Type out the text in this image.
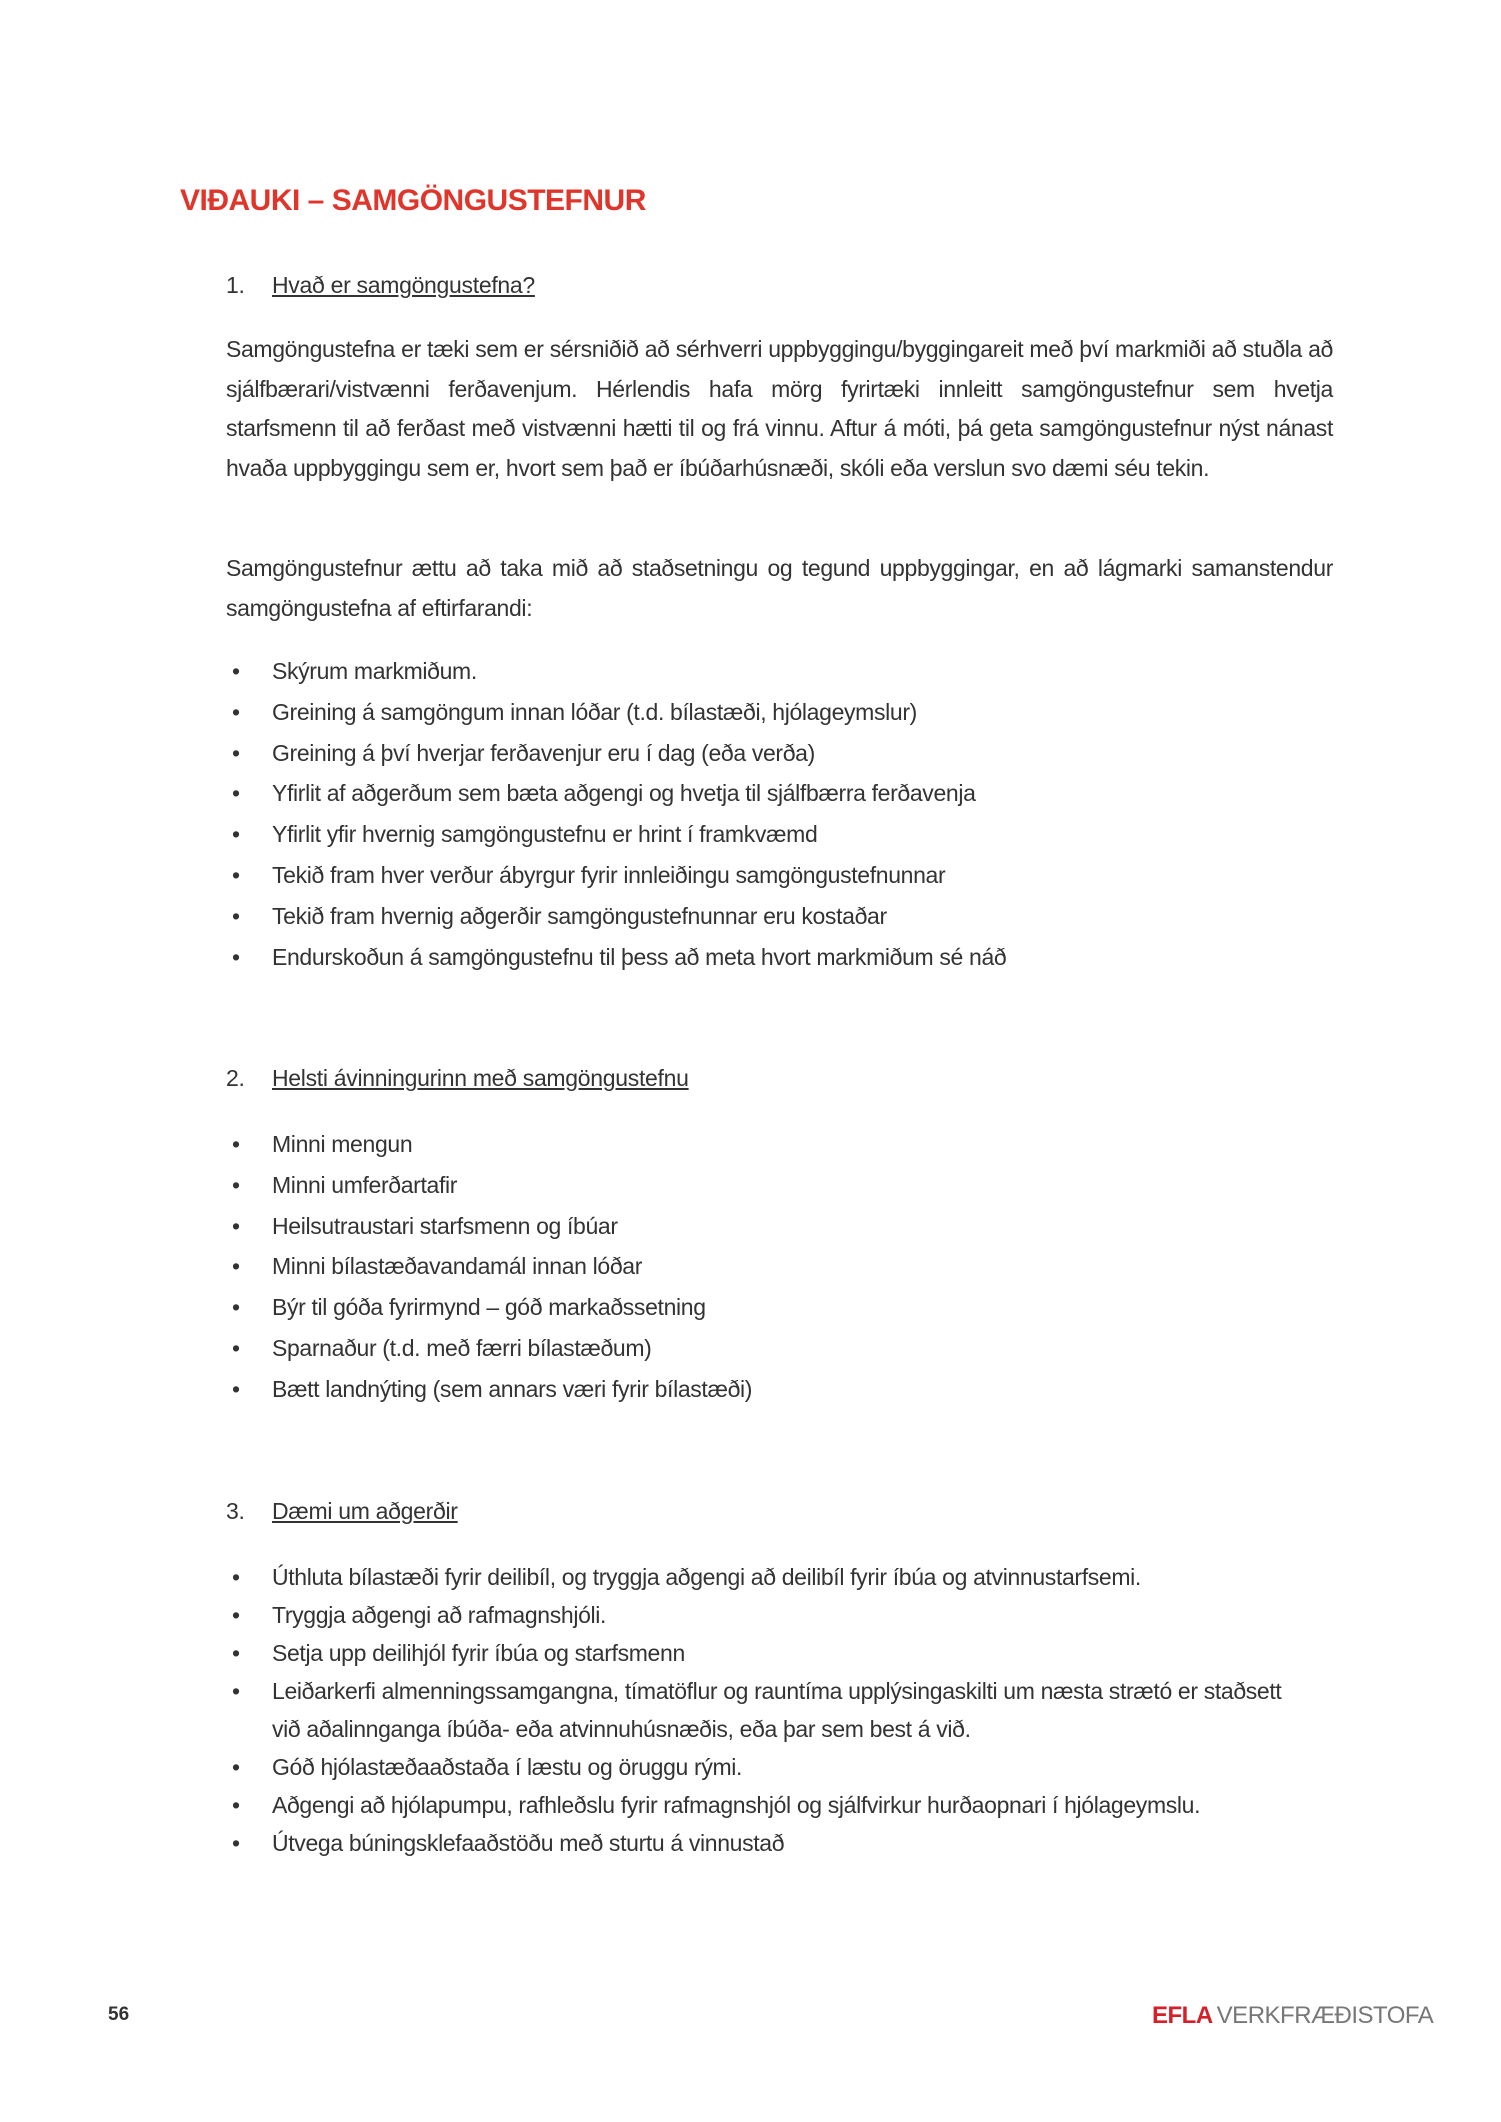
VIÐAUKI – SAMGÖNGUSTEFNUR
1. Hvað er samgöngustefna?
Samgöngustefna er tæki sem er sérsniðið að sérhverri uppbyggingu/byggingareit með því markmiði að stuðla að sjálfbærari/vistvænni ferðavenjum. Hérlendis hafa mörg fyrirtæki innleitt samgöngustefnur sem hvetja starfsmenn til að ferðast með vistvænni hætti til og frá vinnu. Aftur á móti, þá geta samgöngustefnur nýst nánast hvaða uppbyggingu sem er, hvort sem það er íbúðarhúsnæði, skóli eða verslun svo dæmi séu tekin.
Samgöngustefnur ættu að taka mið að staðsetningu og tegund uppbyggingar, en að lágmarki samanstendur samgöngustefna af eftirfarandi:
• Skýrum markmiðum.
• Greining á samgöngum innan lóðar (t.d. bílastæði, hjólageymslur)
• Greining á því hverjar ferðavenjur eru í dag (eða verða)
• Yfirlit af aðgerðum sem bæta aðgengi og hvetja til sjálfbærra ferðavenja
• Yfirlit yfir hvernig samgöngustefnu er hrint í framkvæmd
• Tekið fram hver verður ábyrgur fyrir innleiðingu samgöngustefnunnar
• Tekið fram hvernig aðgerðir samgöngustefnunnar eru kostaðar
• Endurskoðun á samgöngustefnu til þess að meta hvort markmiðum sé náð
2. Helsti ávinningurinn með samgöngustefnu
• Minni mengun
• Minni umferðartafir
• Heilsutraustari starfsmenn og íbúar
• Minni bílastæðavandamál innan lóðar
• Býr til góða fyrirmynd – góð markaðssetning
• Sparnaður (t.d. með færri bílastæðum)
• Bætt landnýting (sem annars væri fyrir bílastæði)
3. Dæmi um aðgerðir
• Úthluta bílastæði fyrir deilibíl, og tryggja aðgengi að deilibíl fyrir íbúa og atvinnustarfsemi.
• Tryggja aðgengi að rafmagnshjóli.
• Setja upp deilihjól fyrir íbúa og starfsmenn
• Leiðarkerfi almenningssamgangna, tímatöflur og rauntíma upplýsingaskilti um næsta strætó er staðsett við aðalinnganga íbúða- eða atvinnuhúsnæðis, eða þar sem best á við.
• Góð hjólastæðaaðstaða í læstu og öruggu rými.
• Aðgengi að hjólapumpu, rafhleðslu fyrir rafmagnshjól og sjálfvirkur hurðaopnari í hjólageymslu.
• Útvega búningsklefaaðstöðu með sturtu á vinnustað
56	EFLA VERKFRÆÐISTOFA
